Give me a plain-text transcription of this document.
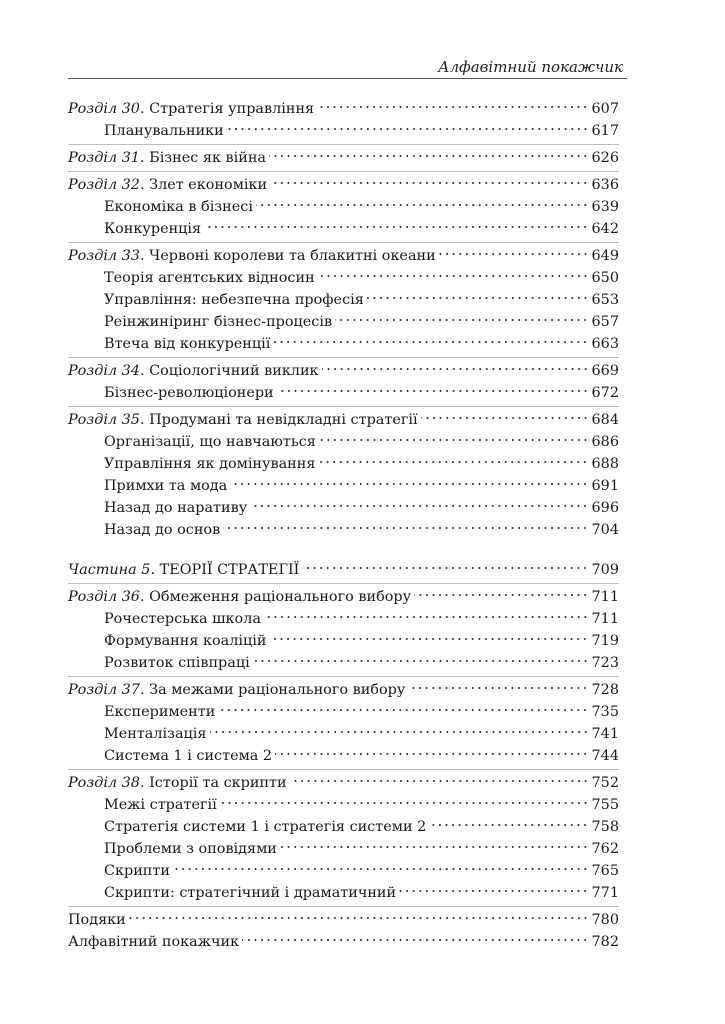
Алфавітний покажчик
Розділ 30. Стратегія управління	607
Планувальники	617
Розділ 31. Бізнес як війна	626
Розділ 32. Злет економіки	636
Економіка в бізнесі	639
Конкуренція	642
Розділ 33. Червоні королеви та блакитні океани	649
Теорія агентських відносин	650
Управління: небезпечна професія	653
Реінжиніринг бізнес-процесів	657
Втеча від конкуренції	663
Розділ 34. Соціологічний виклик	669
Бізнес-революціонери	672
Розділ 35. Продумані та невідкладні стратегії	684
Організації, що навчаються	686
Управління як домінування	688
Примхи та мода	691
Назад до наративу	696
Назад до основ	704
Частина 5. ТЕОРІЇ СТРАТЕГІЇ	709
Розділ 36. Обмеження раціонального вибору	711
Рочестерська школа	711
Формування коаліцій	719
Розвиток співпраці	723
Розділ 37. За межами раціонального вибору	728
Експерименти	735
Менталізація	741
Система 1 і система 2	744
Розділ 38. Історії та скрипти	752
Межі стратегії	755
Стратегія системи 1 і стратегія системи 2	758
Проблеми з оповідями	762
Скрипти	765
Скрипти: стратегічний і драматичний	771
Подяки	780
Алфавітний покажчик	782
